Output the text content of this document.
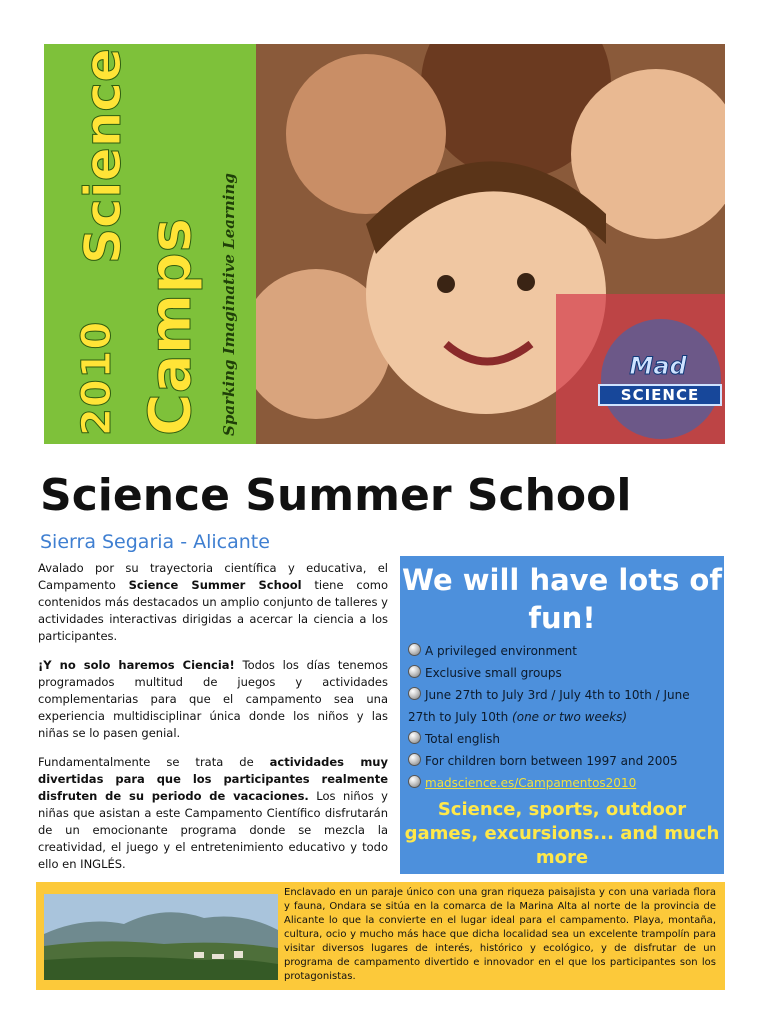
2010
Science
Camps Sparking Imaginative Learning	Mad
SCIENCE
Science Summer School
Sierra Segaria - Alicante

Avalado por su trayectoria científica y educativa, el Campamento Science Summer School tiene como contenidos más destacados un amplio conjunto de talleres y actividades interactivas dirigidas a acercar la ciencia a los participantes.

¡Y no solo haremos Ciencia! Todos los días tenemos programados multitud de juegos y actividades complementarias para que el campamento sea una experiencia multidisciplinar única donde los niños y las niñas se lo pasen genial.

Fundamentalmente se trata de actividades muy divertidas para que los participantes realmente disfruten de su periodo de vacaciones. Los niños y niñas que asistan a este Campamento Científico disfrutarán de un emocionante programa donde se mezcla la creatividad, el juego y el entretenimiento educativo y todo ello en INGLÉS.

We will have lots of fun!
A privileged environment
Exclusive small groups
June 27th to July 3rd / July 4th to 10th / June
27th to July 10th (one or two weeks)
Total english
For children born between 1997 and 2005
madscience.es/Campamentos2010
Science, sports, outdoor games, excursions... and much more
Enclavado en un paraje único con una gran riqueza paisajista y con una variada flora y fauna, Ondara se sitúa en la comarca de la Marina Alta al norte de la provincia de Alicante lo que la convierte en el lugar ideal para el campamento. Playa, montaña, cultura, ocio y mucho más hace que dicha localidad sea un excelente trampolín para visitar diversos lugares de interés, histórico y ecológico, y de disfrutar de un programa de campamento divertido e innovador en el que los participantes son los protagonistas.
